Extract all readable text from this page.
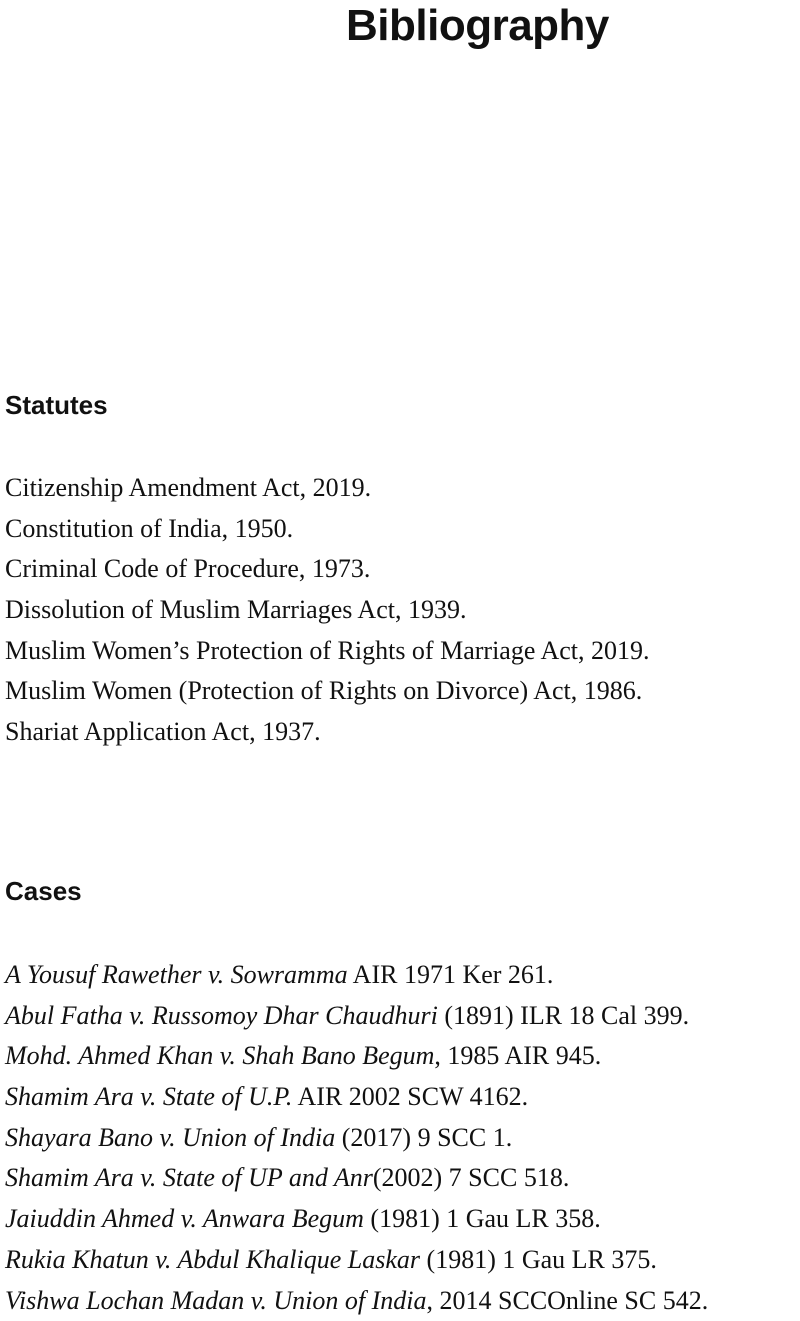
Bibliography
Statutes
Citizenship Amendment Act, 2019.
Constitution of India, 1950.
Criminal Code of Procedure, 1973.
Dissolution of Muslim Marriages Act, 1939.
Muslim Women’s Protection of Rights of Marriage Act, 2019.
Muslim Women (Protection of Rights on Divorce) Act, 1986.
Shariat Application Act, 1937.
Cases
A Yousuf Rawether v. Sowramma AIR 1971 Ker 261.
Abul Fatha v. Russomoy Dhar Chaudhuri (1891) ILR 18 Cal 399.
Mohd. Ahmed Khan v. Shah Bano Begum, 1985 AIR 945.
Shamim Ara v. State of U.P. AIR 2002 SCW 4162.
Shayara Bano v. Union of India (2017) 9 SCC 1.
Shamim Ara v. State of UP and Anr(2002) 7 SCC 518.
Jaiuddin Ahmed v. Anwara Begum (1981) 1 Gau LR 358.
Rukia Khatun v. Abdul Khalique Laskar (1981) 1 Gau LR 375.
Vishwa Lochan Madan v. Union of India, 2014 SCCOnline SC 542.
